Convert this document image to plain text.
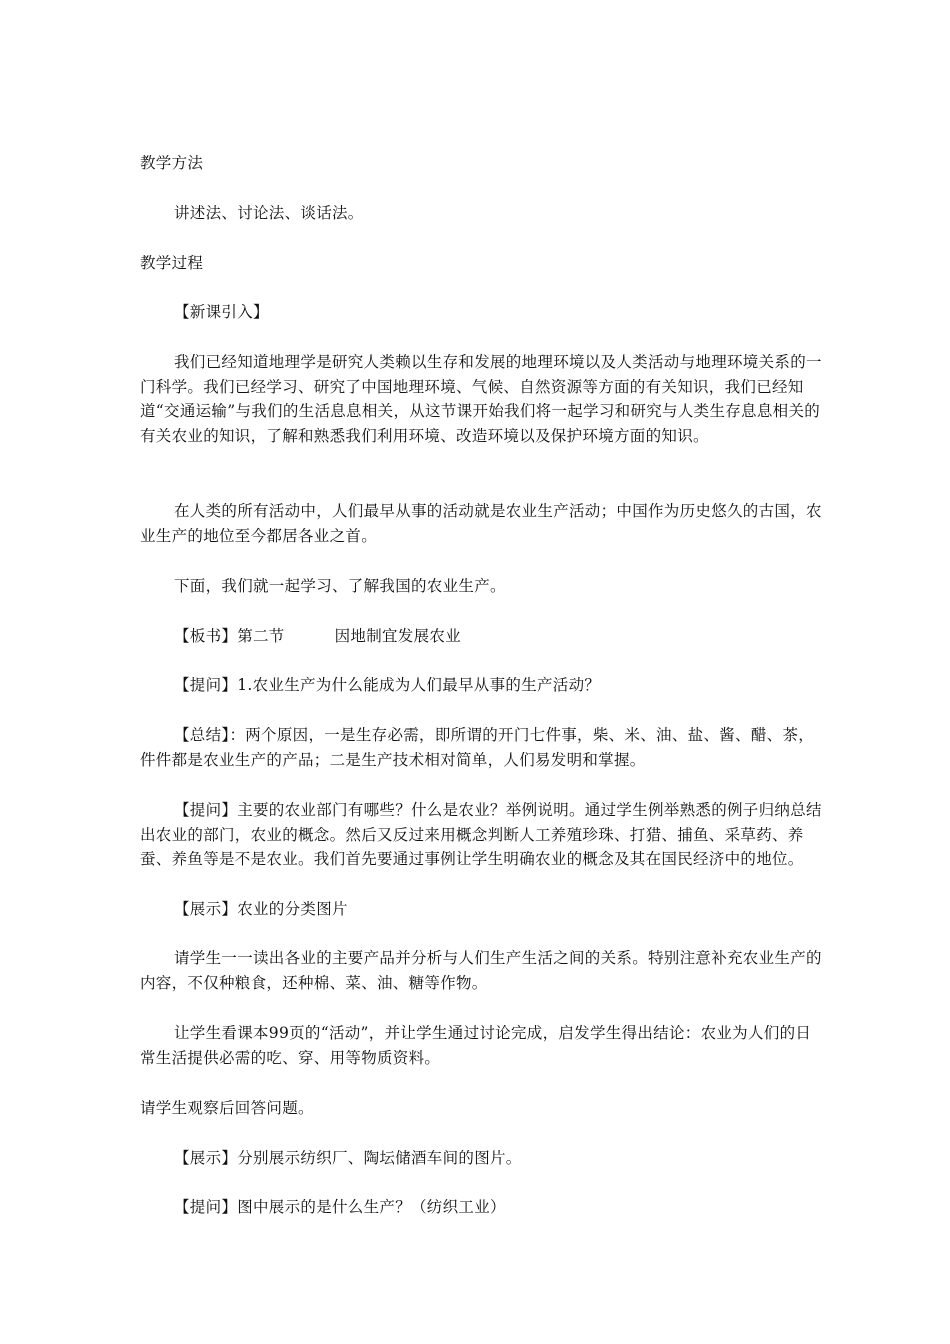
教学方法

讲述法、讨论法、谈话法。

教学过程

【新课引入】

我们已经知道地理学是研究人类赖以生存和发展的地理环境以及人类活动与地理环境关系的一门科学。我们已经学习、研究了中国地理环境、气候、自然资源等方面的有关知识，我们已经知道“交通运输”与我们的生活息息相关，从这节课开始我们将一起学习和研究与人类生存息息相关的有关农业的知识，了解和熟悉我们利用环境、改造环境以及保护环境方面的知识。

在人类的所有活动中，人们最早从事的活动就是农业生产活动；中国作为历史悠久的古国，农业生产的地位至今都居各业之首。

下面，我们就一起学习、了解我国的农业生产。

【板书】第二节	因地制宜发展农业

【提问】1.农业生产为什么能成为人们最早从事的生产活动？

【总结】：两个原因，一是生存必需，即所谓的开门七件事，柴、米、油、盐、酱、醋、茶，件件都是农业生产的产品；二是生产技术相对简单，人们易发明和掌握。

【提问】主要的农业部门有哪些？什么是农业？举例说明。通过学生例举熟悉的例子归纳总结出农业的部门，农业的概念。然后又反过来用概念判断人工养殖珍珠、打猎、捕鱼、采草药、养蚕、养鱼等是不是农业。我们首先要通过事例让学生明确农业的概念及其在国民经济中的地位。

【展示】农业的分类图片

请学生一一读出各业的主要产品并分析与人们生产生活之间的关系。特别注意补充农业生产的内容，不仅种粮食，还种棉、菜、油、糖等作物。

让学生看课本99页的“活动”，并让学生通过讨论完成，启发学生得出结论：农业为人们的日常生活提供必需的吃、穿、用等物质资料。

请学生观察后回答问题。

【展示】分别展示纺织厂、陶坛储酒车间的图片。

【提问】图中展示的是什么生产？（纺织工业）
